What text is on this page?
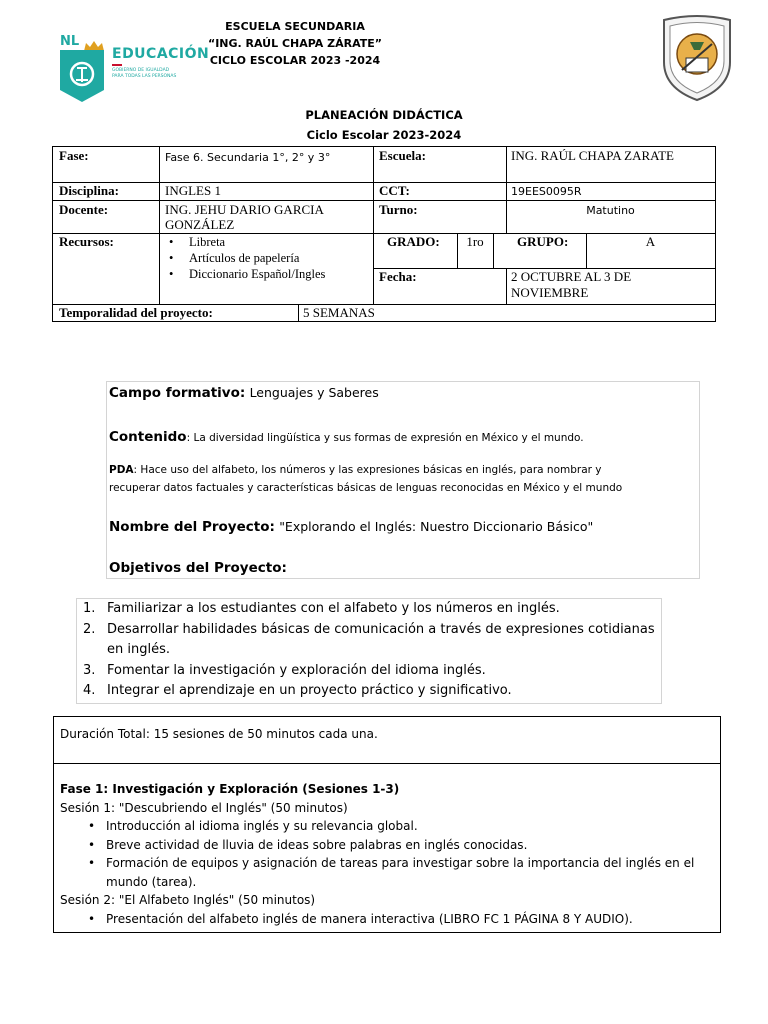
NL
EDUCACIÓN
GOBIERNO DE IGUALDAD
PARA TODAS LAS PERSONAS
ESCUELA SECUNDARIA
“ING. RAÚL CHAPA ZÁRATE”
CICLO ESCOLAR 2023 -2024
PLANEACIÓN DIDÁCTICA
Ciclo Escolar 2023-2024
Fase:	Fase 6. Secundaria 1°, 2° y 3°	Escuela:	ING. RAÚL CHAPA ZARATE
Disciplina:	INGLES 1	CCT:	19EES0095R
Docente:	ING. JEHU DARIO GARCIA
GONZÁLEZ
Turno:	Matutino
Recursos:
•	Libreta
• Artículos de papelería
• Diccionario Español/Ingles
GRADO:	1ro	GRUPO:	A
Fecha:	2 OCTUBRE AL 3 DE
NOVIEMBRE
Temporalidad del proyecto:	5 SEMANAS
Campo formativo: Lenguajes y Saberes
Contenido: La diversidad lingüística y sus formas de expresión en México y el mundo.
PDA: Hace uso del alfabeto, los números y las expresiones básicas en inglés, para nombrar y
recuperar datos factuales y características básicas de lenguas reconocidas en México y el mundo
Nombre del Proyecto: "Explorando el Inglés: Nuestro Diccionario Básico"
Objetivos del Proyecto:
1. Familiarizar a los estudiantes con el alfabeto y los números en inglés.
2. Desarrollar habilidades básicas de comunicación a través de expresiones cotidianas
en inglés.
3. Fomentar la investigación y exploración del idioma inglés.
4. Integrar el aprendizaje en un proyecto práctico y significativo.
Duración Total: 15 sesiones de 50 minutos cada una.
Fase 1: Investigación y Exploración (Sesiones 1-3)
Sesión 1: "Descubriendo el Inglés" (50 minutos)
• Introducción al idioma inglés y su relevancia global.
• Breve actividad de lluvia de ideas sobre palabras en inglés conocidas.
• Formación de equipos y asignación de tareas para investigar sobre la importancia del inglés en el
mundo (tarea).
Sesión 2: "El Alfabeto Inglés" (50 minutos)
• Presentación del alfabeto inglés de manera interactiva (LIBRO FC 1 PÁGINA 8 Y AUDIO).
